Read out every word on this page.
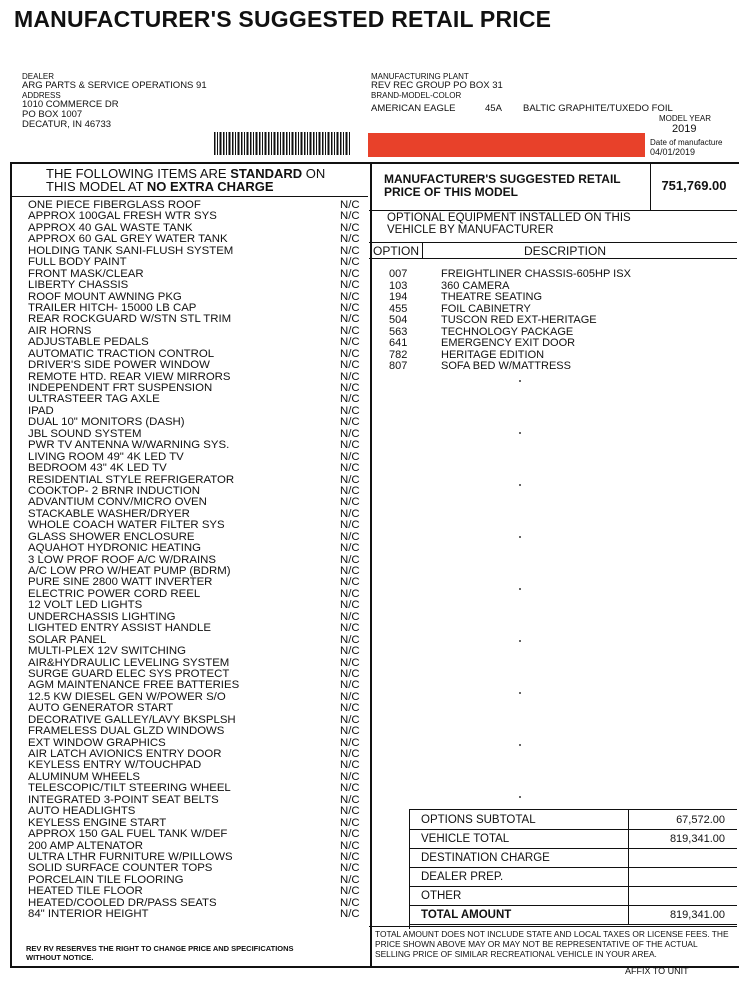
MANUFACTURER'S SUGGESTED RETAIL PRICE
DEALER
ARG PARTS & SERVICE OPERATIONS 91
ADDRESS
1010 COMMERCE DR
PO BOX 1007
DECATUR, IN 46733
MANUFACTURING PLANT
REV REC GROUP PO BOX 31
BRAND-MODEL-COLOR
AMERICAN EAGLE	45A BALTIC GRAPHITE/TUXEDO FOIL
MODEL YEAR
2019
Date of manufacture
04/01/2019
THE FOLLOWING ITEMS ARE STANDARD ON
THIS MODEL AT NO EXTRA CHARGE
ONE PIECE FIBERGLASS ROOF	N/C
APPROX 100GAL FRESH WTR SYS	N/C
APPROX 40 GAL WASTE TANK	N/C
APPROX 60 GAL GREY WATER TANK	N/C
HOLDING TANK SANI-FLUSH SYSTEM	N/C
FULL BODY PAINT	N/C
FRONT MASK/CLEAR	N/C
LIBERTY CHASSIS	N/C
ROOF MOUNT AWNING PKG	N/C
TRAILER HITCH- 15000 LB CAP	N/C
REAR ROCKGUARD W/STN STL TRIM	N/C
AIR HORNS	N/C
ADJUSTABLE PEDALS	N/C
AUTOMATIC TRACTION CONTROL	N/C
DRIVER'S SIDE POWER WINDOW	N/C
REMOTE HTD. REAR VIEW MIRRORS	N/C
INDEPENDENT FRT SUSPENSION	N/C
ULTRASTEER TAG AXLE	N/C
IPAD	N/C
DUAL 10" MONITORS (DASH)	N/C
JBL SOUND SYSTEM	N/C
PWR TV ANTENNA W/WARNING SYS.	N/C
LIVING ROOM 49" 4K LED TV	N/C
BEDROOM 43" 4K LED TV	N/C
RESIDENTIAL STYLE REFRIGERATOR	N/C
COOKTOP- 2 BRNR INDUCTION	N/C
ADVANTIUM CONV/MICRO OVEN	N/C
STACKABLE WASHER/DRYER	N/C
WHOLE COACH WATER FILTER SYS	N/C
GLASS SHOWER ENCLOSURE	N/C
AQUAHOT HYDRONIC HEATING	N/C
3 LOW PROF ROOF A/C W/DRAINS	N/C
A/C LOW PRO W/HEAT PUMP (BDRM)	N/C
PURE SINE 2800 WATT INVERTER	N/C
ELECTRIC POWER CORD REEL	N/C
12 VOLT LED LIGHTS	N/C
UNDERCHASSIS LIGHTING	N/C
LIGHTED ENTRY ASSIST HANDLE	N/C
SOLAR PANEL	N/C
MULTI-PLEX 12V SWITCHING	N/C
AIR&HYDRAULIC LEVELING SYSTEM	N/C
SURGE GUARD ELEC SYS PROTECT	N/C
AGM MAINTENANCE FREE BATTERIES	N/C
12.5 KW DIESEL GEN W/POWER S/O	N/C
AUTO GENERATOR START	N/C
DECORATIVE GALLEY/LAVY BKSPLSH	N/C
FRAMELESS DUAL GLZD WINDOWS	N/C
EXT WINDOW GRAPHICS	N/C
AIR LATCH AVIONICS ENTRY DOOR	N/C
KEYLESS ENTRY W/TOUCHPAD	N/C
ALUMINUM WHEELS	N/C
TELESCOPIC/TILT STEERING WHEEL	N/C
INTEGRATED 3-POINT SEAT BELTS	N/C
AUTO HEADLIGHTS	N/C
KEYLESS ENGINE START	N/C
APPROX 150 GAL FUEL TANK W/DEF	N/C
200 AMP ALTENATOR	N/C
ULTRA LTHR FURNITURE W/PILLOWS	N/C
SOLID SURFACE COUNTER TOPS	N/C
PORCELAIN TILE FLOORING	N/C
HEATED TILE FLOOR	N/C
HEATED/COOLED DR/PASS SEATS	N/C
84" INTERIOR HEIGHT	N/C
REV RV RESERVES THE RIGHT TO CHANGE PRICE AND SPECIFICATIONS WITHOUT NOTICE.
MANUFACTURER'S SUGGESTED RETAIL PRICE OF THIS MODEL	751,769.00
OPTIONAL EQUIPMENT INSTALLED ON THIS VEHICLE BY MANUFACTURER
OPTION	DESCRIPTION
007	FREIGHTLINER CHASSIS-605HP ISX
103	360 CAMERA
194	THEATRE SEATING
455	FOIL CABINETRY
504	TUSCON RED EXT-HERITAGE
563	TECHNOLOGY PACKAGE
641	EMERGENCY EXIT DOOR
782	HERITAGE EDITION
807	SOFA BED W/MATTRESS
OPTIONS SUBTOTAL	67,572.00
VEHICLE TOTAL	819,341.00
DESTINATION CHARGE
DEALER PREP.
OTHER
TOTAL AMOUNT	819,341.00
TOTAL AMOUNT DOES NOT INCLUDE STATE AND LOCAL TAXES OR LICENSE FEES. THE PRICE SHOWN ABOVE MAY OR MAY NOT BE REPRESENTATIVE OF THE ACTUAL SELLING PRICE OF SIMILAR RECREATIONAL VEHICLE IN YOUR AREA.
AFFIX TO UNIT
